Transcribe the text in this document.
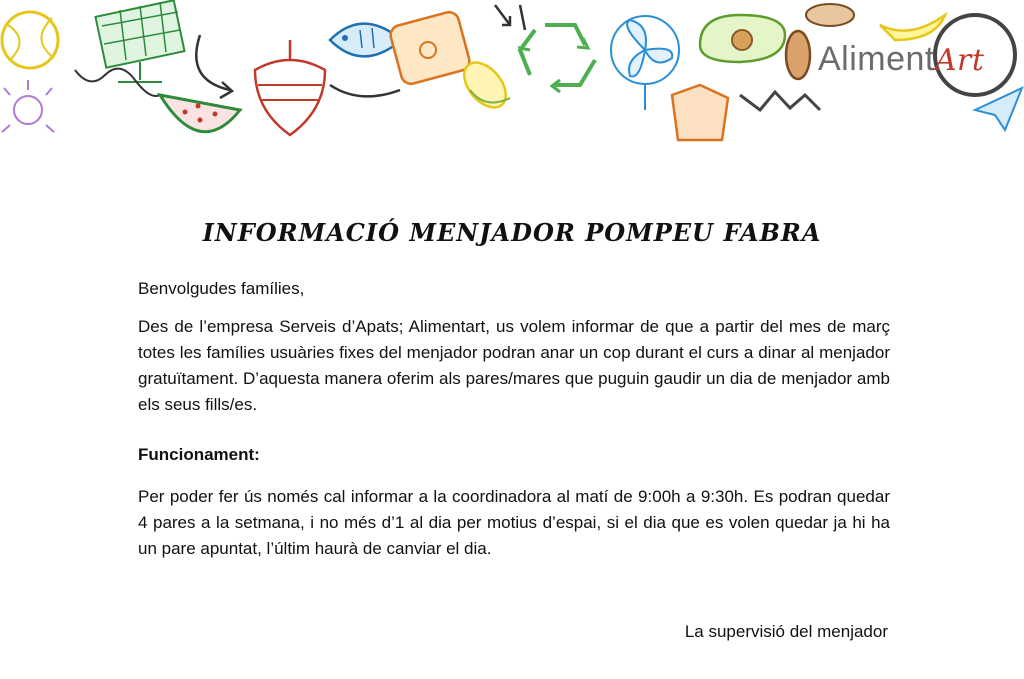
AlimentArt
INFORMACIÓ MENJADOR POMPEU FABRA
Benvolgudes famílies,
Des de l’empresa Serveis d’Apats; Alimentart, us volem informar de que a partir del mes de març totes les famílies usuàries fixes del menjador podran anar un cop durant el curs a dinar al menjador gratuïtament. D’aquesta manera oferim als pares/mares que puguin gaudir un dia de menjador amb els seus fills/es.
Funcionament:
Per poder fer ús només cal informar a la coordinadora al matí de 9:00h a 9:30h. Es podran quedar 4 pares a la setmana, i no més d’1 al dia per motius d’espai, si el dia que es volen quedar ja hi ha un pare apuntat, l’últim haurà de canviar el dia.
La supervisió del menjador
